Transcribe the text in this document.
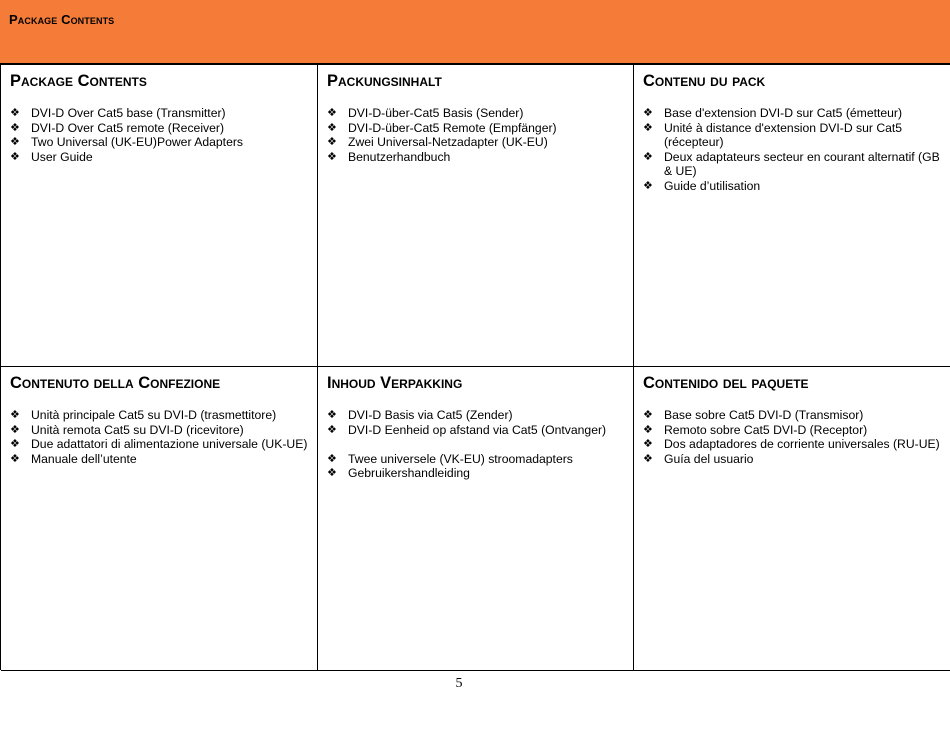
Package Contents
Package Contents
❖ DVI-D Over Cat5 base (Transmitter)
❖ DVI-D Over Cat5 remote (Receiver)
❖ Two Universal (UK-EU)Power Adapters
❖ User Guide
Packungsinhalt
❖ DVI-D-über-Cat5 Basis (Sender)
❖ DVI-D-über-Cat5 Remote (Empfänger)
❖ Zwei Universal-Netzadapter (UK-EU)
❖ Benutzerhandbuch
Contenu du pack
❖ Base d'extension DVI-D sur Cat5 (émetteur)
❖ Unité à distance d'extension DVI-D sur Cat5 (récepteur)
❖ Deux adaptateurs secteur en courant alternatif (GB & UE)
❖ Guide d’utilisation
Contenuto della Confezione
❖ Unità principale Cat5 su DVI-D (trasmettitore)
❖ Unità remota Cat5 su DVI-D (ricevitore)
❖ Due adattatori di alimentazione universale (UK-UE)
❖ Manuale dell’utente
Inhoud Verpakking
❖ DVI-D Basis via Cat5 (Zender)
❖ DVI-D Eenheid op afstand via Cat5 (Ontvanger)
❖ Twee universele (VK-EU) stroomadapters
❖ Gebruikershandleiding
Contenido del paquete
❖ Base sobre Cat5 DVI-D (Transmisor)
❖ Remoto sobre Cat5 DVI-D (Receptor)
❖ Dos adaptadores de corriente universales (RU-UE)
❖ Guía del usuario
5
